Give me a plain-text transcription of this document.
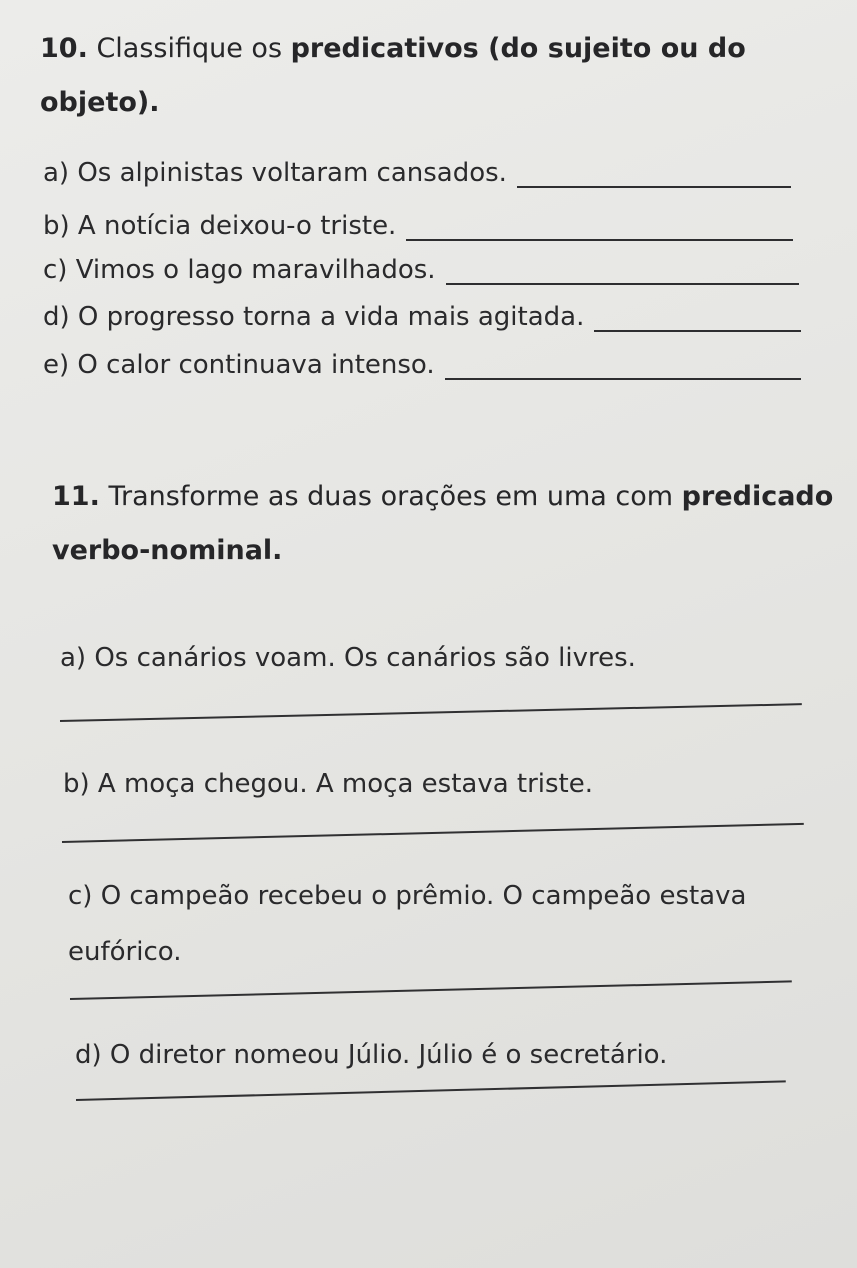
10. Classifique os predicativos (do sujeito ou do objeto).
a) Os alpinistas voltaram cansados.
b) A notícia deixou-o triste.
c) Vimos o lago maravilhados.
d) O progresso torna a vida mais agitada.
e) O calor continuava intenso.
11. Transforme as duas orações em uma com predicado verbo-nominal.

a) Os canários voam. Os canários são livres.

b) A moça chegou. A moça estava triste.

c) O campeão recebeu o prêmio. O campeão estava eufórico.

d) O diretor nomeou Júlio. Júlio é o secretário.
